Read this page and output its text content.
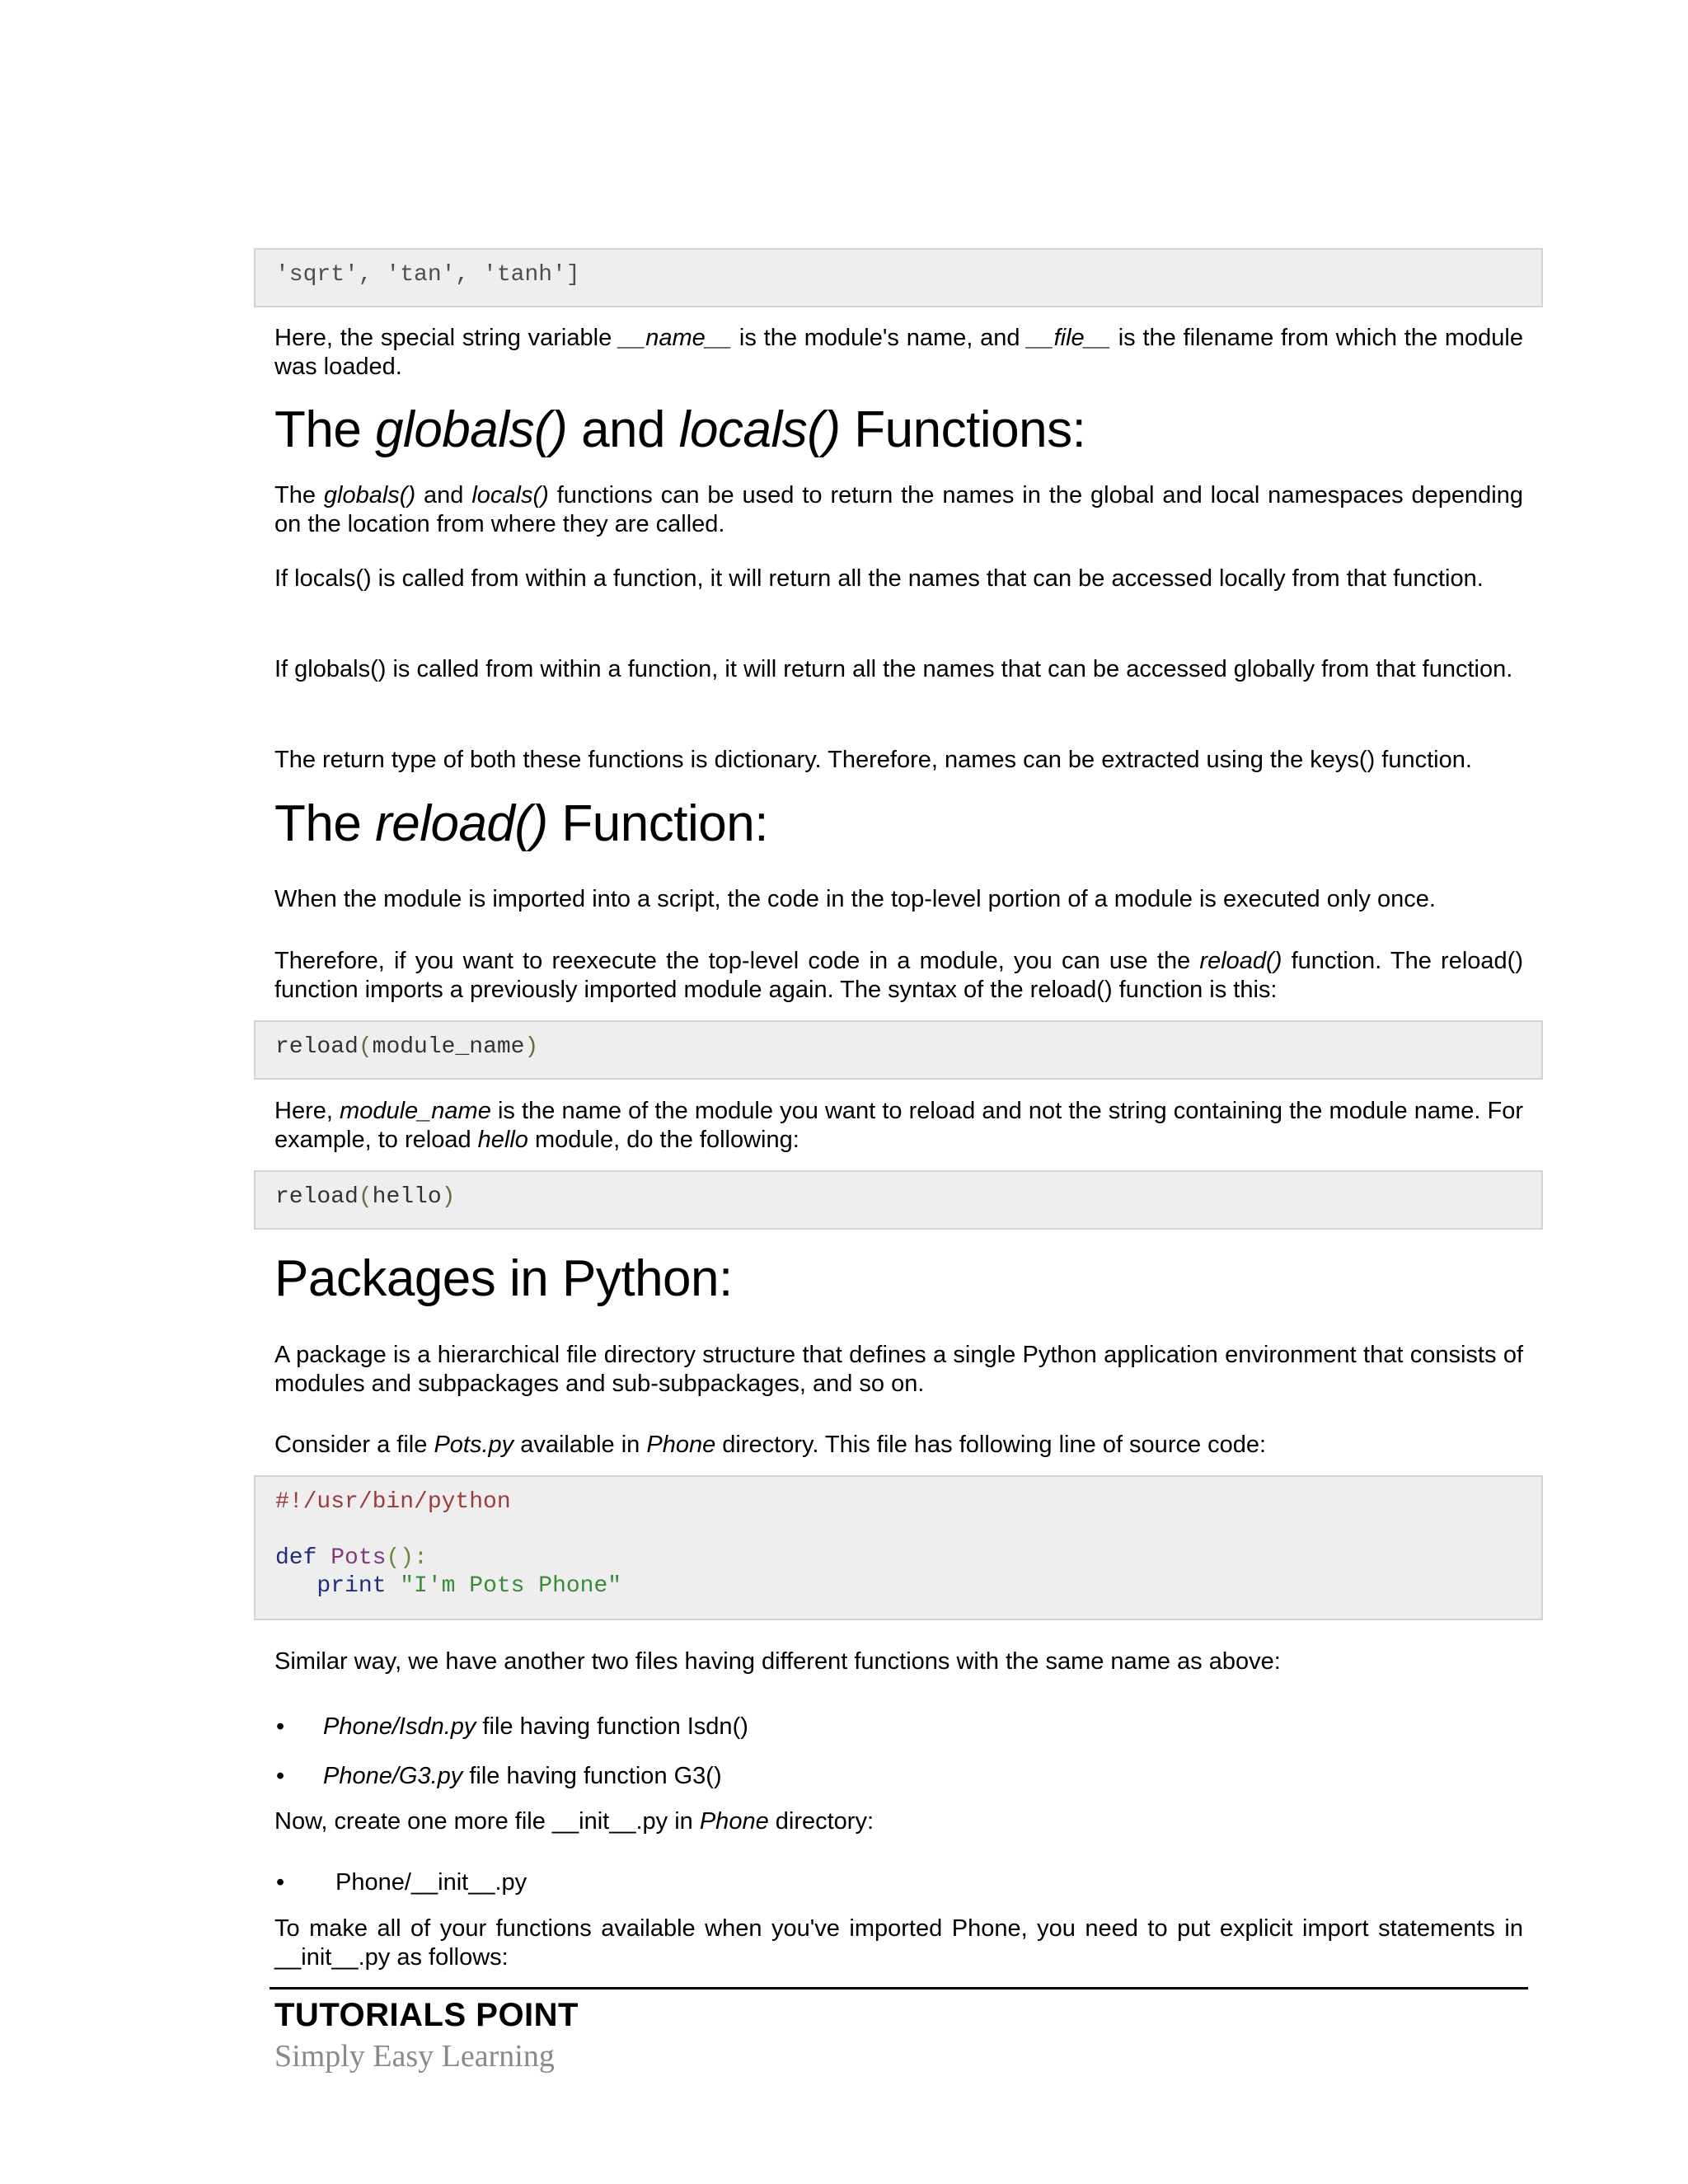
'sqrt', 'tan', 'tanh']

Here, the special string variable __name__ is the module's name, and __file__ is the filename from which the module was loaded.

The globals() and locals() Functions:

The globals() and locals() functions can be used to return the names in the global and local namespaces depending on the location from where they are called.

If locals() is called from within a function, it will return all the names that can be accessed locally from that function.

If globals() is called from within a function, it will return all the names that can be accessed globally from that function.

The return type of both these functions is dictionary. Therefore, names can be extracted using the keys() function.

The reload() Function:

When the module is imported into a script, the code in the top-level portion of a module is executed only once.

Therefore, if you want to reexecute the top-level code in a module, you can use the reload() function. The reload() function imports a previously imported module again. The syntax of the reload() function is this:

reload(module_name)

Here, module_name is the name of the module you want to reload and not the string containing the module name. For example, to reload hello module, do the following:

reload(hello)
Packages in Python:

A package is a hierarchical file directory structure that defines a single Python application environment that consists of modules and subpackages and sub-subpackages, and so on.

Consider a file Pots.py available in Phone directory. This file has following line of source code:

#!/usr/bin/python

def Pots():
print "I'm Pots Phone"

Similar way, we have another two files having different functions with the same name as above:

• Phone/Isdn.py file having function Isdn()
• Phone/G3.py file having function G3()

Now, create one more file __init__.py in Phone directory:

• Phone/__init__.py

To make all of your functions available when you've imported Phone, you need to put explicit import statements in __init__.py as follows:

TUTORIALS POINT
Simply Easy Learning
